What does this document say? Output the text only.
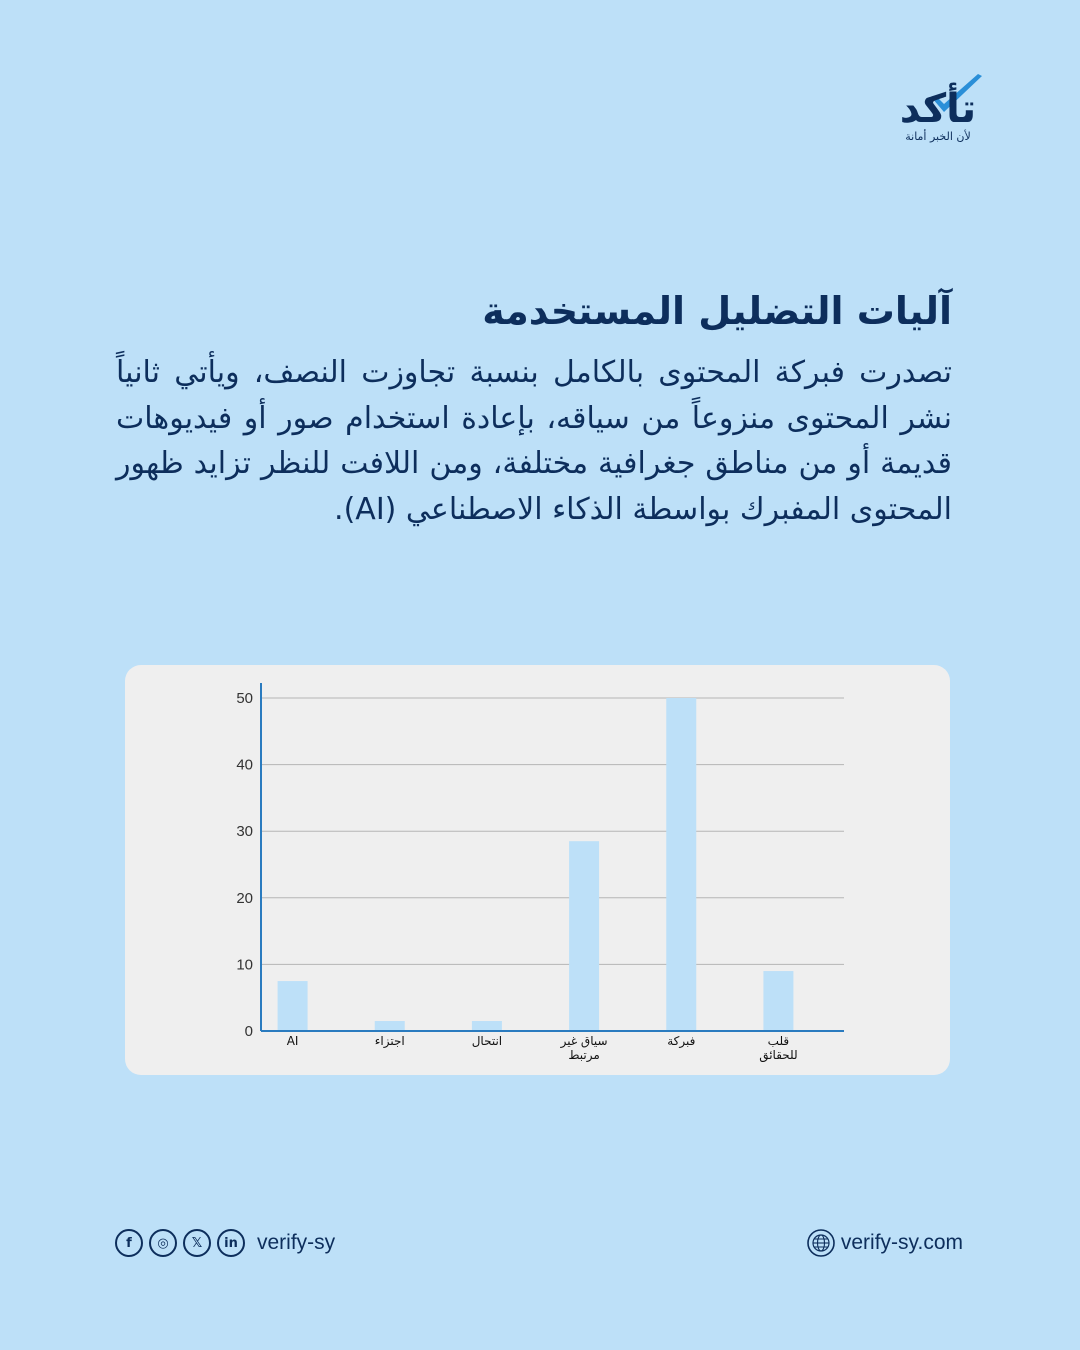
تأكد
لأن الخبر أمانة
آليات التضليل المستخدمة

تصدرت فبركة المحتوى بالكامل بنسبة تجاوزت النصف، ويأتي ثانياً نشر المحتوى منزوعاً من سياقه، بإعادة استخدام صور أو فيديوهات قديمة أو من مناطق جغرافية مختلفة، ومن اللافت للنظر تزايد ظهور المحتوى المفبرك بواسطة الذكاء الاصطناعي (AI).

0
10
20
30
40
50
AI	اجتزاء	انتحال	سياق غير
مرتبط
فبركة	قلب
للحقائق
f	◎	𝕏	in verify-sy	verify-sy.com
